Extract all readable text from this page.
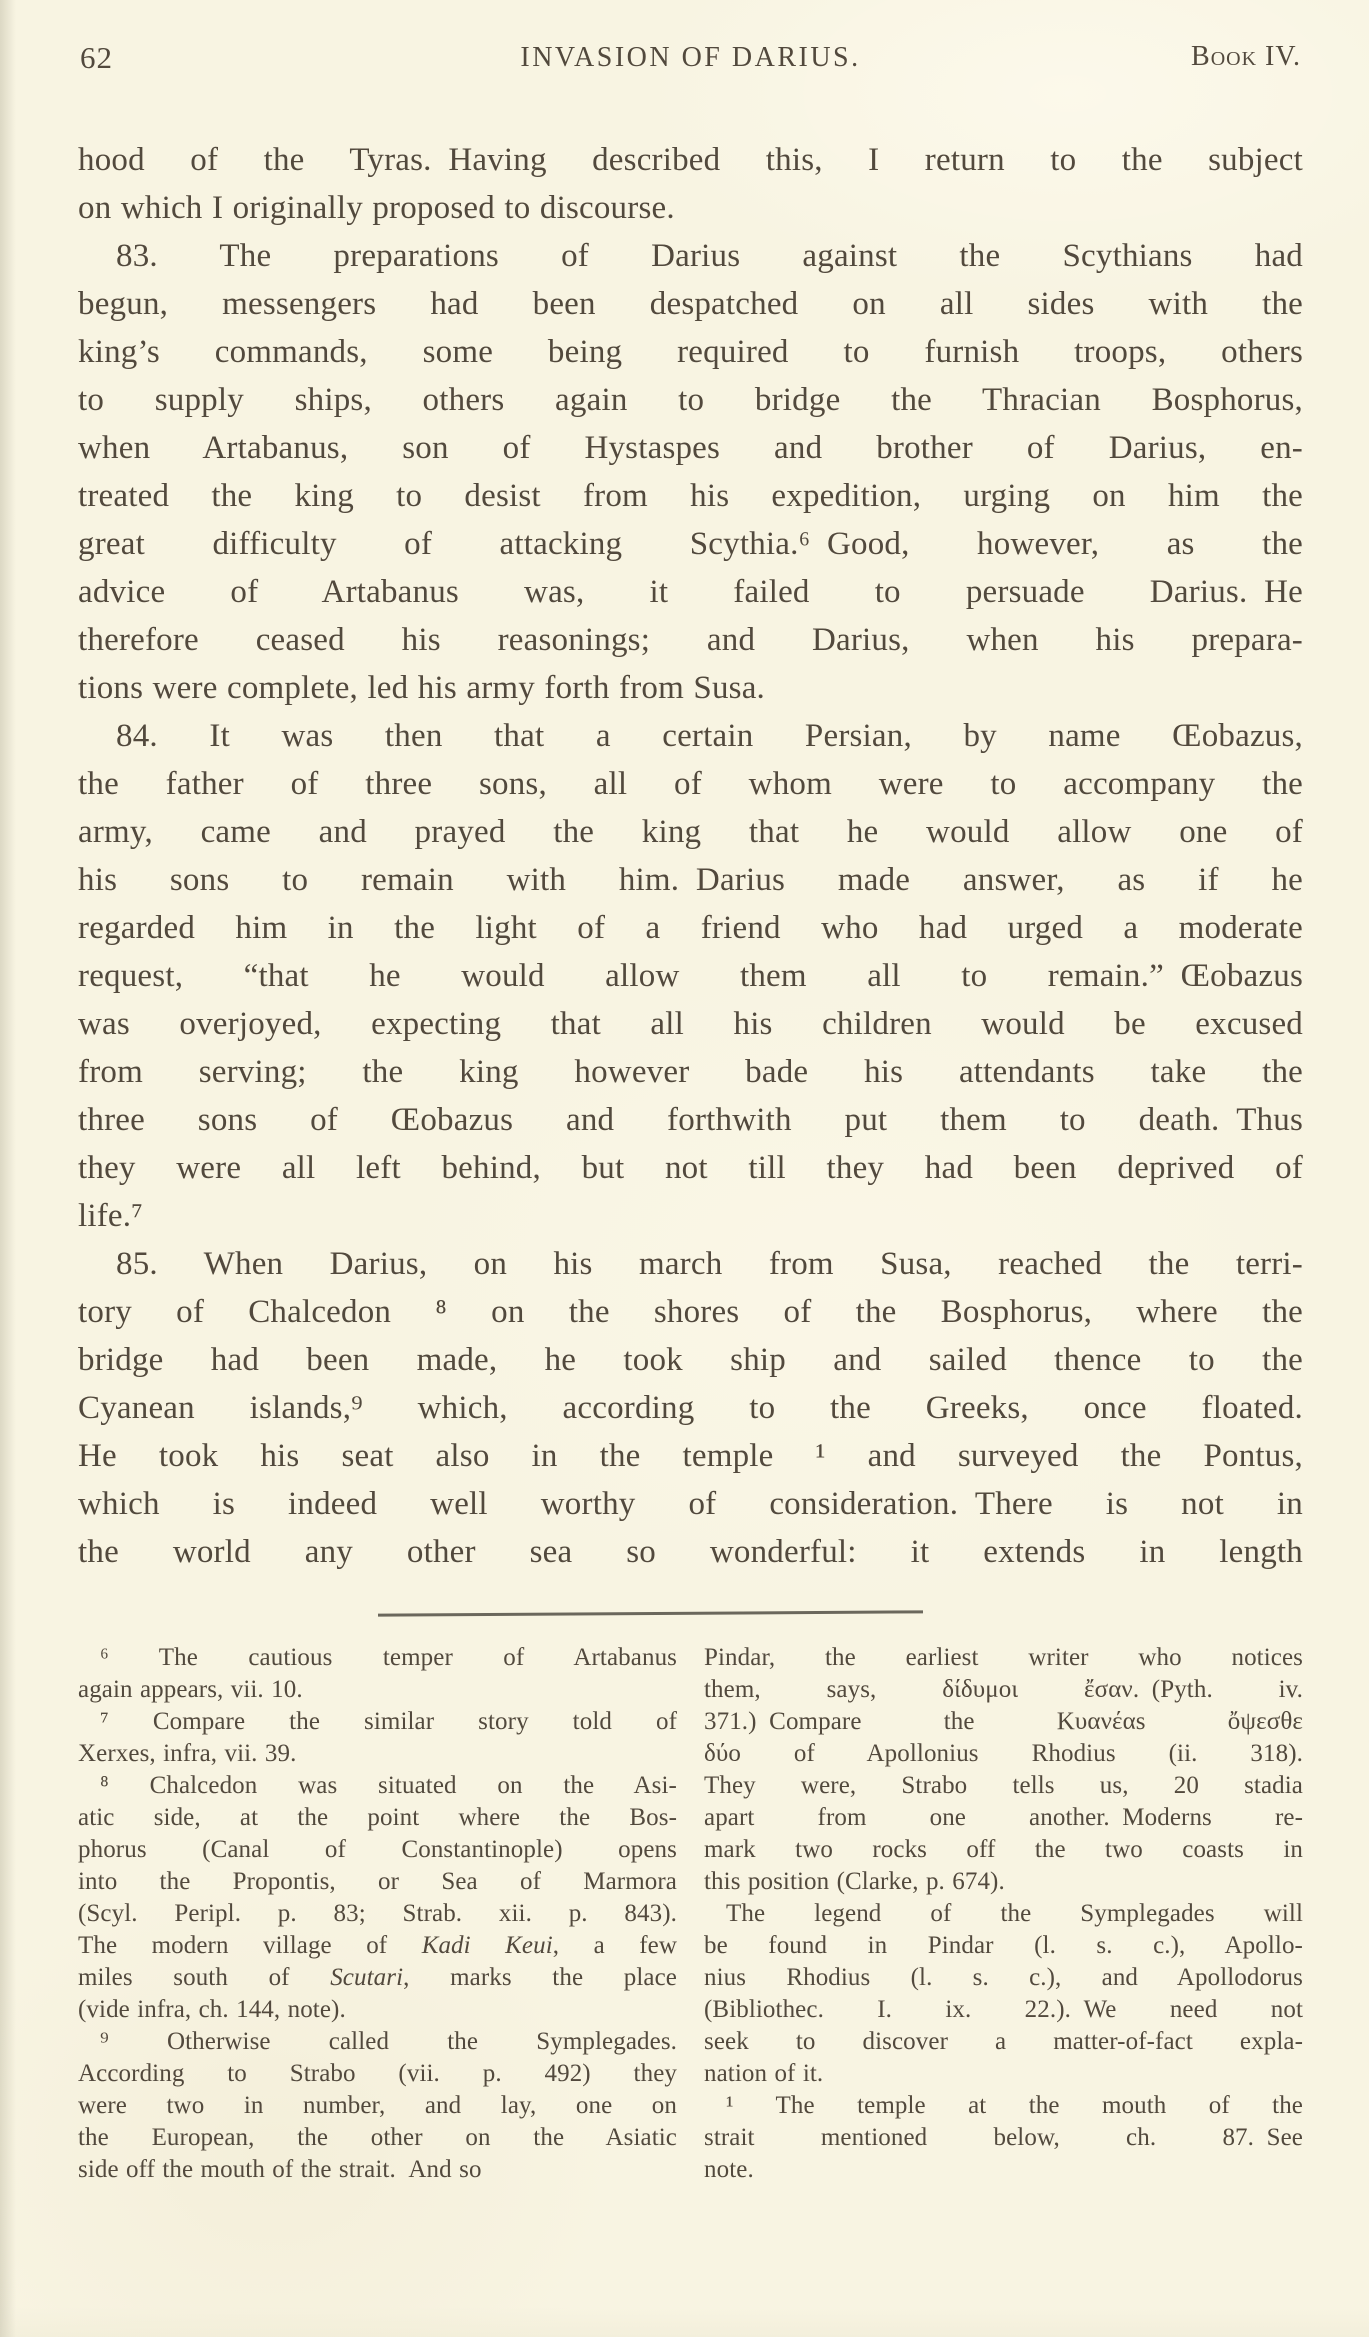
62	INVASION OF DARIUS.	Book IV.
hood of the Tyras. Having described this, I return to the subject
on which I originally proposed to discourse.
83. The preparations of Darius against the Scythians had
begun, messengers had been despatched on all sides with the
king’s commands, some being required to furnish troops, others
to supply ships, others again to bridge the Thracian Bosphorus,
when Artabanus, son of Hystaspes and brother of Darius, en-
treated the king to desist from his expedition, urging on him the
great difficulty of attacking Scythia.⁶ Good, however, as the
advice of Artabanus was, it failed to persuade Darius. He
therefore ceased his reasonings; and Darius, when his prepara-
tions were complete, led his army forth from Susa.
84. It was then that a certain Persian, by name Œobazus,
the father of three sons, all of whom were to accompany the
army, came and prayed the king that he would allow one of
his sons to remain with him. Darius made answer, as if he
regarded him in the light of a friend who had urged a moderate
request, “that he would allow them all to remain.” Œobazus
was overjoyed, expecting that all his children would be excused
from serving; the king however bade his attendants take the
three sons of Œobazus and forthwith put them to death. Thus
they were all left behind, but not till they had been deprived of
life.⁷
85. When Darius, on his march from Susa, reached the terri-
tory of Chalcedon ⁸ on the shores of the Bosphorus, where the
bridge had been made, he took ship and sailed thence to the
Cyanean islands,⁹ which, according to the Greeks, once floated.
He took his seat also in the temple ¹ and surveyed the Pontus,
which is indeed well worthy of consideration. There is not in
the world any other sea so wonderful: it extends in length
⁶ The cautious temper of Artabanus
again appears, vii. 10.
⁷ Compare the similar story told of
Xerxes, infra, vii. 39.
⁸ Chalcedon was situated on the Asi-
atic side, at the point where the Bos-
phorus (Canal of Constantinople) opens
into the Propontis, or Sea of Marmora
(Scyl. Peripl. p. 83; Strab. xii. p. 843).
The modern village of Kadi Keui, a few
miles south of Scutari, marks the place
(vide infra, ch. 144, note).
⁹ Otherwise called the Symplegades.
According to Strabo (vii. p. 492) they
were two in number, and lay, one on
the European, the other on the Asiatic
side off the mouth of the strait. And so
Pindar, the earliest writer who notices
them, says, δίδυμοι ἔσαν. (Pyth. iv.
371.) Compare the Κυανέαs ὄψεσθε
δύο of Apollonius Rhodius (ii. 318).
They were, Strabo tells us, 20 stadia
apart from one another. Moderns re-
mark two rocks off the two coasts in
this position (Clarke, p. 674).
The legend of the Symplegades will
be found in Pindar (l. s. c.), Apollo-
nius Rhodius (l. s. c.), and Apollodorus
(Bibliothec. I. ix. 22.). We need not
seek to discover a matter-of-fact expla-
nation of it.
¹ The temple at the mouth of the
strait mentioned below, ch. 87. See
note.
